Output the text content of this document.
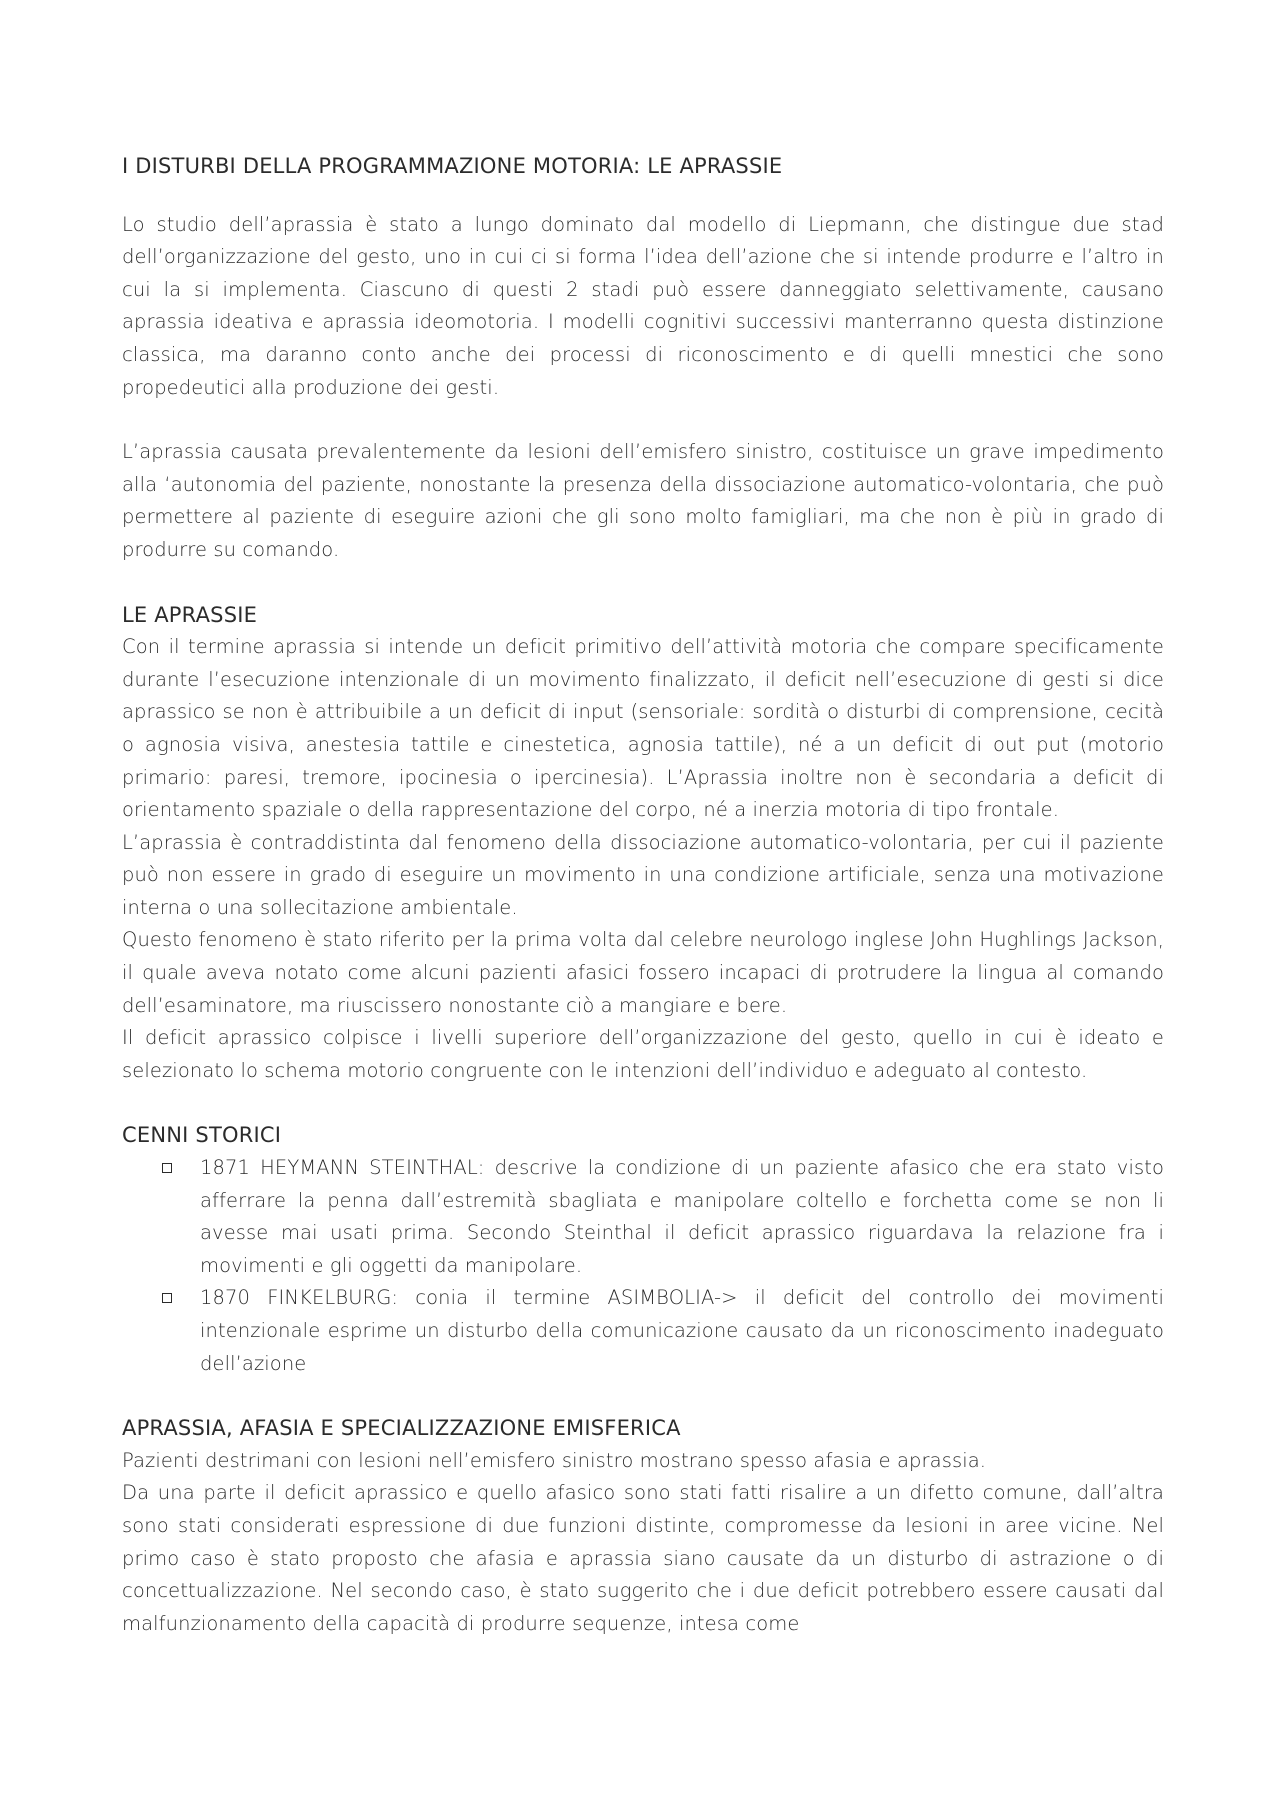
I DISTURBI DELLA PROGRAMMAZIONE MOTORIA: LE APRASSIE

Lo studio dell’aprassia è stato a lungo dominato dal modello di Liepmann, che distingue due stad dell’organizzazione del gesto, uno in cui ci si forma l’idea dell’azione che si intende produrre e l’altro in cui la si implementa. Ciascuno di questi 2 stadi può essere danneggiato selettivamente, causano aprassia ideativa e aprassia ideomotoria. I modelli cognitivi successivi manterranno questa distinzione classica, ma daranno conto anche dei processi di riconoscimento e di quelli mnestici che sono propedeutici alla produzione dei gesti.

L’aprassia causata prevalentemente da lesioni dell’emisfero sinistro, costituisce un grave impedimento alla ‘autonomia del paziente, nonostante la presenza della dissociazione automatico-volontaria, che può permettere al paziente di eseguire azioni che gli sono molto famigliari, ma che non è più in grado di produrre su comando.

LE APRASSIE

Con il termine aprassia si intende un deficit primitivo dell’attività motoria che compare specificamente durante l’esecuzione intenzionale di un movimento finalizzato, il deficit nell’esecuzione di gesti si dice aprassico se non è attribuibile a un deficit di input (sensoriale: sordità o disturbi di comprensione, cecità o agnosia visiva, anestesia tattile e cinestetica, agnosia tattile), né a un deficit di out put (motorio primario: paresi, tremore, ipocinesia o ipercinesia). L’Aprassia inoltre non è secondaria a deficit di orientamento spaziale o della rappresentazione del corpo, né a inerzia motoria di tipo frontale.

L’aprassia è contraddistinta dal fenomeno della dissociazione automatico-volontaria, per cui il paziente può non essere in grado di eseguire un movimento in una condizione artificiale, senza una motivazione interna o una sollecitazione ambientale.

Questo fenomeno è stato riferito per la prima volta dal celebre neurologo inglese John Hughlings Jackson, il quale aveva notato come alcuni pazienti afasici fossero incapaci di protrudere la lingua al comando dell’esaminatore, ma riuscissero nonostante ciò a mangiare e bere.

Il deficit aprassico colpisce i livelli superiore dell’organizzazione del gesto, quello in cui è ideato e selezionato lo schema motorio congruente con le intenzioni dell’individuo e adeguato al contesto.

CENNI STORICI

1871 HEYMANN STEINTHAL: descrive la condizione di un paziente afasico che era stato visto afferrare la penna dall’estremità sbagliata e manipolare coltello e forchetta come se non li avesse mai usati prima. Secondo Steinthal il deficit aprassico riguardava la relazione fra i movimenti e gli oggetti da manipolare.
1870 FINKELBURG: conia il termine ASIMBOLIA-> il deficit del controllo dei movimenti intenzionale esprime un disturbo della comunicazione causato da un riconoscimento inadeguato dell’azione

APRASSIA, AFASIA E SPECIALIZZAZIONE EMISFERICA

Pazienti destrimani con lesioni nell’emisfero sinistro mostrano spesso afasia e aprassia.

Da una parte il deficit aprassico e quello afasico sono stati fatti risalire a un difetto comune, dall’altra sono stati considerati espressione di due funzioni distinte, compromesse da lesioni in aree vicine. Nel primo caso è stato proposto che afasia e aprassia siano causate da un disturbo di astrazione o di concettualizzazione. Nel secondo caso, è stato suggerito che i due deficit potrebbero essere causati dal malfunzionamento della capacità di produrre sequenze, intesa come
